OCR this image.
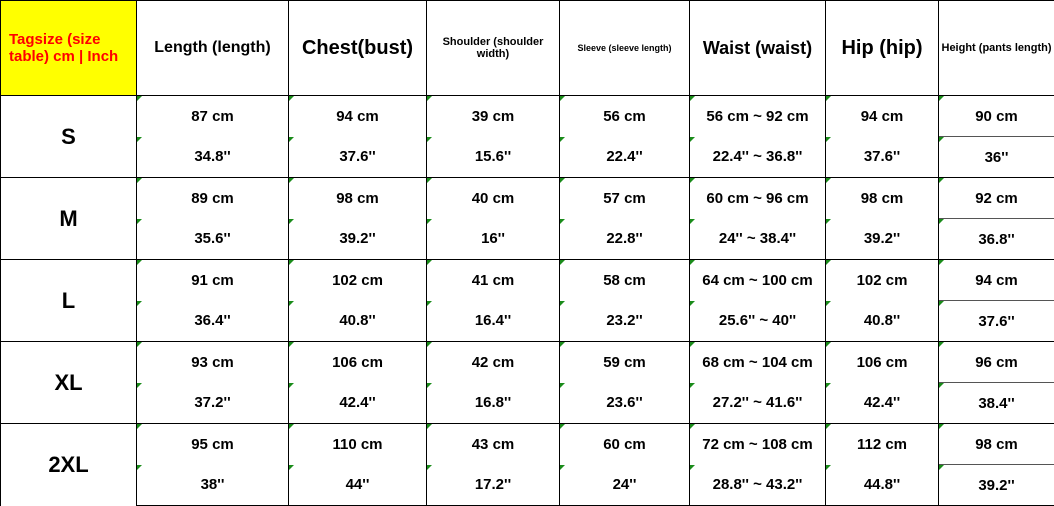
Tagsize (size table) cm | Inch	Length (length)	Chest(bust)	Shoulder (shoulder width)	Sleeve (sleeve length)	Waist (waist)	Hip (hip)	Height (pants length)
S	87 cm	94 cm	39 cm	56 cm	56 cm ~ 92 cm	94 cm	90 cm

	34.8''	37.6''	15.6''	22.4''	22.4'' ~ 36.8''	37.6''	36''

M	89 cm	98 cm	40 cm	57 cm	60 cm ~ 96 cm	98 cm	92 cm

	35.6''	39.2''	16''	22.8''	24'' ~ 38.4''	39.2''	36.8''

L	91 cm	102 cm	41 cm	58 cm	64 cm ~ 100 cm	102 cm	94 cm

	36.4''	40.8''	16.4''	23.2''	25.6'' ~ 40''	40.8''	37.6''

XL	93 cm	106 cm	42 cm	59 cm	68 cm ~ 104 cm	106 cm	96 cm

	37.2''	42.4''	16.8''	23.6''	27.2'' ~ 41.6''	42.4''	38.4''

2XL	95 cm	110 cm	43 cm	60 cm	72 cm ~ 108 cm	112 cm	98 cm

	38''	44''	17.2''	24''	28.8'' ~ 43.2''	44.8''	39.2''
